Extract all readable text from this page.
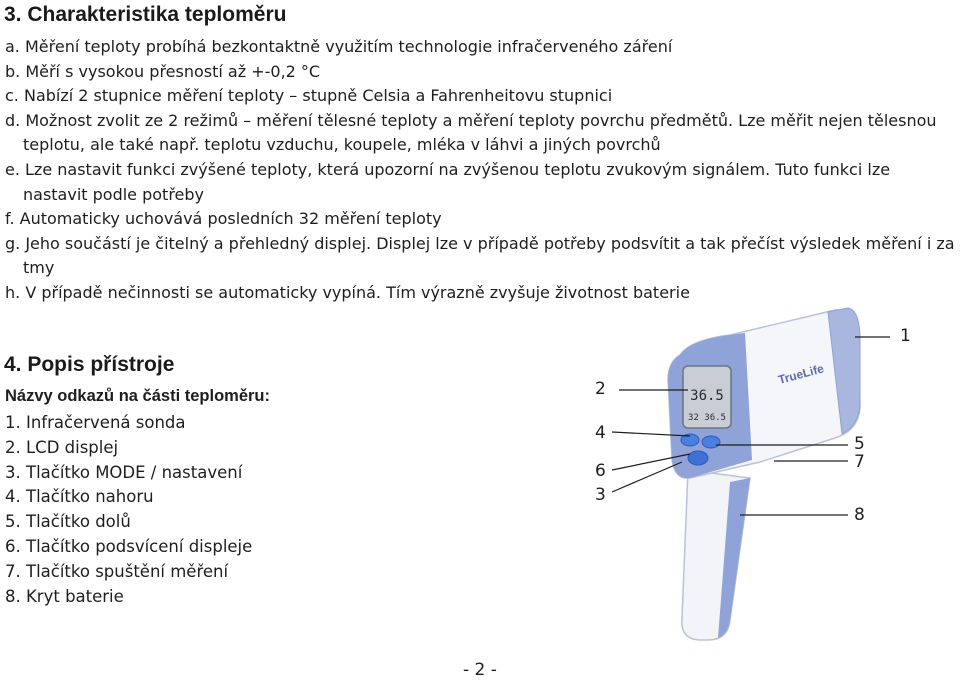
3. Charakteristika teploměru
a. Měření teploty probíhá bezkontaktně využitím technologie infračerveného záření
b. Měří s vysokou přesností až +-0,2 °C
c. Nabízí 2 stupnice měření teploty – stupně Celsia a Fahrenheitovu stupnici
d. Možnost zvolit ze 2 režimů – měření tělesné teploty a měření teploty povrchu předmětů. Lze měřit nejen tělesnou teplotu, ale také např. teplotu vzduchu, koupele, mléka v láhvi a jiných povrchů
e. Lze nastavit funkci zvýšené teploty, která upozorní na zvýšenou teplotu zvukovým signálem. Tuto funkci lze nastavit podle potřeby
f. Automaticky uchovává posledních 32 měření teploty
g. Jeho součástí je čitelný a přehledný displej. Displej lze v případě potřeby podsvítit a tak přečíst výsledek měření i za tmy
h. V případě nečinnosti se automaticky vypíná. Tím výrazně zvyšuje životnost baterie
4. Popis přístroje
Názvy odkazů na části teploměru:
1. Infračervená sonda
2. LCD displej
3. Tlačítko MODE / nastavení
4. Tlačítko nahoru
5. Tlačítko dolů
6. Tlačítko podsvícení displeje
7. Tlačítko spuštění měření
8. Kryt baterie
36.5
32 36.5
TrueLife
1
2
4
5
7
6
3
8
- 2 -
